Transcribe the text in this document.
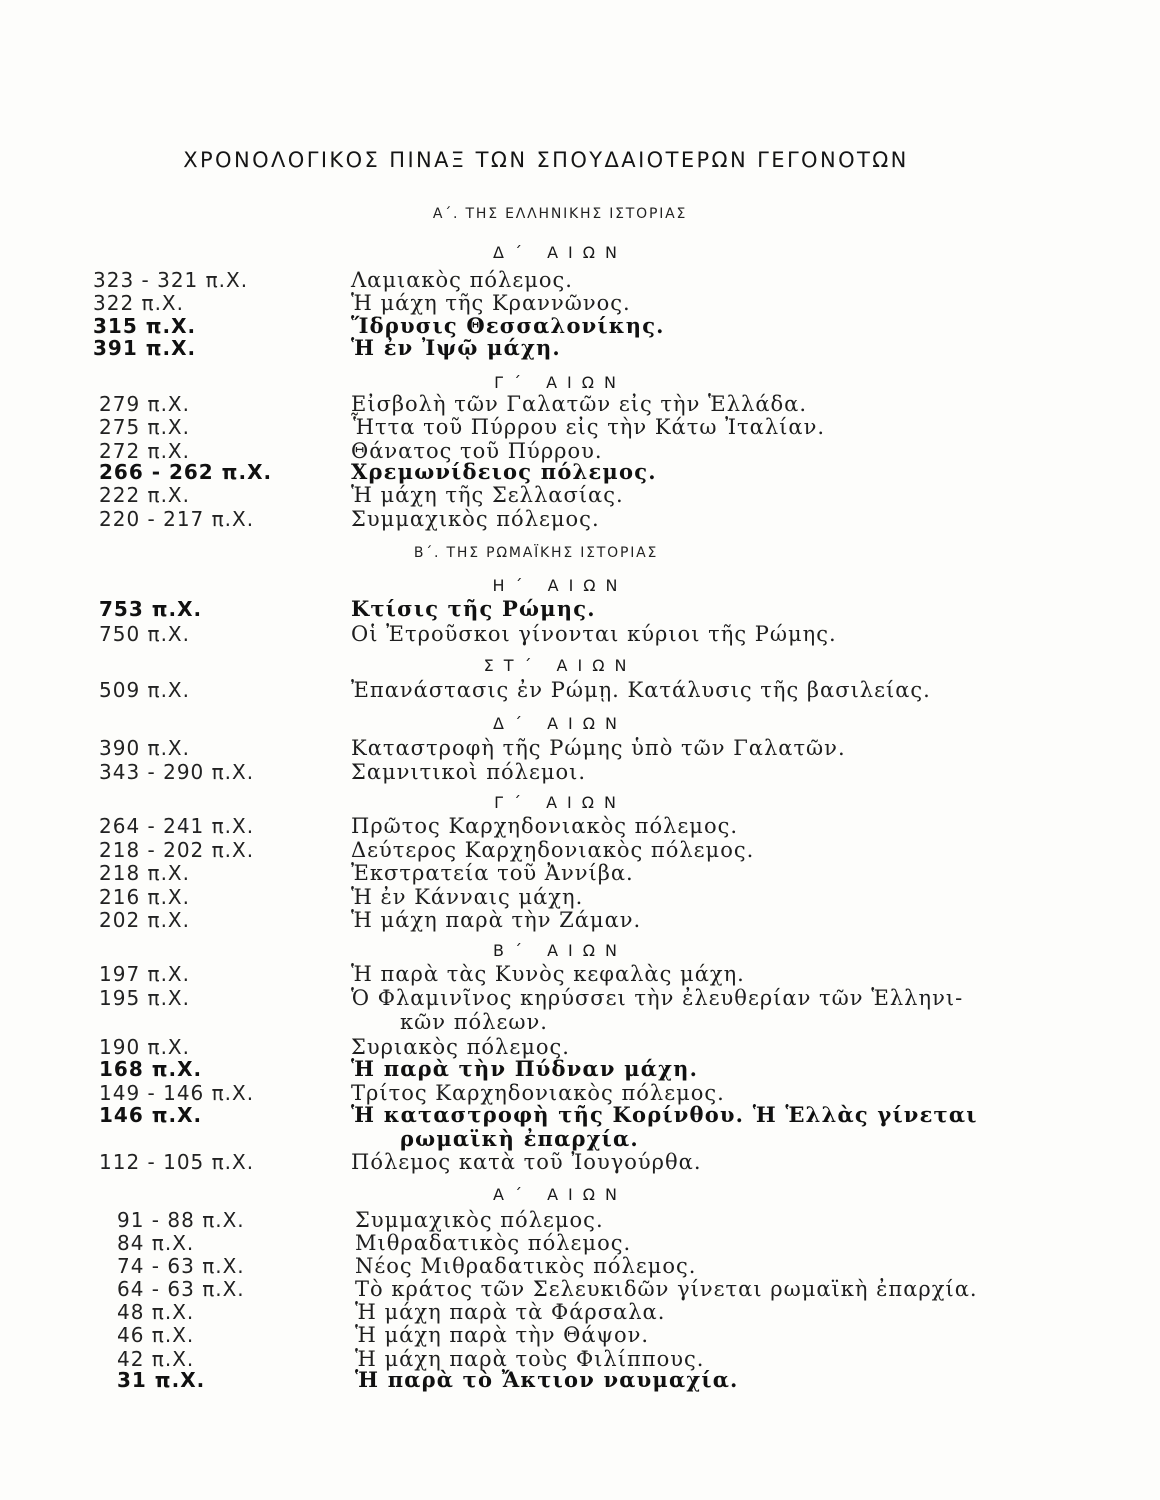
ΧΡΟΝΟΛΟΓΙΚΟΣ ΠΙΝΑΞ ΤΩΝ ΣΠΟΥΔΑΙΟΤΕΡΩΝ ΓΕΓΟΝΟΤΩΝ
Α΄. ΤΗΣ ΕΛΛΗΝΙΚΗΣ ΙΣΤΟΡΙΑΣ
Δ΄ ΑΙΩΝ
323 - 321 π.Χ.	Λαμιακὸς πόλεμος.
322 π.Χ.	Ἡ μάχη τῆς Κραννῶνος.
315 π.Χ.	Ἵδρυσις Θεσσαλονίκης.
391 π.Χ.	Ἡ ἐν Ἰψῷ μάχη.
Γ΄ ΑΙΩΝ
279 π.Χ.	Εἰσβολὴ τῶν Γαλατῶν εἰς τὴν Ἑλλάδα.
275 π.Χ.	Ἧττα τοῦ Πύρρου εἰς τὴν Κάτω Ἰταλίαν.
272 π.Χ.	Θάνατος τοῦ Πύρρου.
266 - 262 π.Χ.	Χρεμωνίδειος πόλεμος.
222 π.Χ.	Ἡ μάχη τῆς Σελλασίας.
220 - 217 π.Χ.	Συμμαχικὸς πόλεμος.
Β΄. ΤΗΣ ΡΩΜΑΪΚΗΣ ΙΣΤΟΡΙΑΣ
Η΄ ΑΙΩΝ
753 π.Χ.	Κτίσις τῆς Ρώμης.
750 π.Χ.	Οἱ Ἐτροῦσκοι γίνονται κύριοι τῆς Ρώμης.
ΣΤ΄ ΑΙΩΝ
509 π.Χ.	Ἐπανάστασις ἐν Ρώμῃ. Κατάλυσις τῆς βασιλείας.
Δ΄ ΑΙΩΝ
390 π.Χ.	Καταστροφὴ τῆς Ρώμης ὑπὸ τῶν Γαλατῶν.
343 - 290 π.Χ.	Σαμνιτικοὶ πόλεμοι.
Γ΄ ΑΙΩΝ
264 - 241 π.Χ.	Πρῶτος Καρχηδονιακὸς πόλεμος.
218 - 202 π.Χ.	Δεύτερος Καρχηδονιακὸς πόλεμος.
218 π.Χ.	Ἐκστρατεία τοῦ Ἀννίβα.
216 π.Χ.	Ἡ ἐν Κάνναις μάχη.
202 π.Χ.	Ἡ μάχη παρὰ τὴν Ζάμαν.
Β΄ ΑΙΩΝ
197 π.Χ.	Ἡ παρὰ τὰς Κυνὸς κεφαλὰς μάχη.
195 π.Χ.	Ὁ Φλαμινῖνος κηρύσσει τὴν ἐλευθερίαν τῶν Ἑλληνι-
κῶν πόλεων.
190 π.Χ.	Συριακὸς πόλεμος.
168 π.Χ.	Ἡ παρὰ τὴν Πύδναν μάχη.
149 - 146 π.Χ.	Τρίτος Καρχηδονιακὸς πόλεμος.
146 π.Χ.	Ἡ καταστροφὴ τῆς Κορίνθου. Ἡ Ἑλλὰς γίνεται
ρωμαϊκὴ ἐπαρχία.
112 - 105 π.Χ.	Πόλεμος κατὰ τοῦ Ἰουγούρθα.
Α΄ ΑΙΩΝ
91 - 88 π.Χ.	Συμμαχικὸς πόλεμος.
84 π.Χ.	Μιθραδατικὸς πόλεμος.
74 - 63 π.Χ.	Νέος Μιθραδατικὸς πόλεμος.
64 - 63 π.Χ.	Τὸ κράτος τῶν Σελευκιδῶν γίνεται ρωμαϊκὴ ἐπαρχία.
48 π.Χ.	Ἡ μάχη παρὰ τὰ Φάρσαλα.
46 π.Χ.	Ἡ μάχη παρὰ τὴν Θάψον.
42 π.Χ.	Ἡ μάχη παρὰ τοὺς Φιλίππους.
31 π.Χ.	Ἡ παρὰ τὸ Ἄκτιον ναυμαχία.
